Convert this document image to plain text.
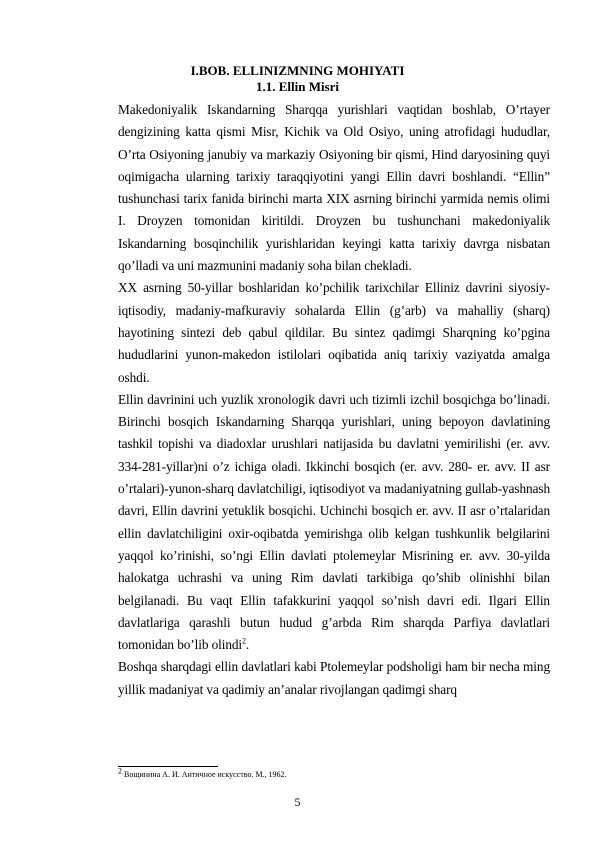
I.BOB. ELLINIZMNING MOHIYATI
1.1. Ellin Misri

Makedoniyalik Iskandarning Sharqqa yurishlari vaqtidan boshlab, O’rtayer dengizining katta qismi Misr, Kichik va Old Osiyo, uning atrofidagi hududlar, O’rta Osiyoning janubiy va markaziy Osiyoning bir qismi, Hind daryosining quyi oqimigacha ularning tarixiy taraqqiyotini yangi Ellin davri boshlandi. “Ellin” tushunchasi tarix fanida birinchi marta XIX asrning birinchi yarmida nemis olimi I. Droyzen tomonidan kiritildi. Droyzen bu tushunchani makedoniyalik Iskandarning bosqinchilik yurishlaridan keyingi katta tarixiy davrga nisbatan qo’lladi va uni mazmunini madaniy soha bilan chekladi.

XX asrning 50-yillar boshlaridan ko’pchilik tarixchilar Elliniz davrini siyosiy-iqtisodiy, madaniy-mafkuraviy sohalarda Ellin (g’arb) va mahalliy (sharq) hayotining sintezi deb qabul qildilar. Bu sintez qadimgi Sharqning ko’pgina hududlarini yunon-makedon istilolari oqibatida aniq tarixiy vaziyatda amalga oshdi.

Ellin davrinini uch yuzlik xronologik davri uch tizimli izchil bosqichga bo’linadi. Birinchi bosqich Iskandarning Sharqqa yurishlari, uning bepoyon davlatining tashkil topishi va diadoxlar urushlari natijasida bu davlatni yemirilishi (er. avv. 334-281-yillar)ni o’z ichiga oladi. Ikkinchi bosqich (er. avv. 280- er. avv. II asr o’rtalari)-yunon-sharq davlatchiligi, iqtisodiyot va madaniyatning gullab-yashnash davri, Ellin davrini yetuklik bosqichi. Uchinchi bosqich er. avv. II asr o’rtalaridan ellin davlatchiligini oxir-oqibatda yemirishga olib kelgan tushkunlik belgilarini yaqqol ko’rinishi, so’ngi Ellin davlati ptolemeylar Misrining er. avv. 30-yilda halokatga uchrashi va uning Rim davlati tarkibiga qo’shib olinishhi bilan belgilanadi. Bu vaqt Ellin tafakkurini yaqqol so’nish davri edi. Ilgari Ellin davlatlariga qarashli butun hudud g’arbda Rim sharqda Parfiya davlatlari tomonidan bo’lib olindi$^2$.

Boshqa sharqdagi ellin davlatlari kabi Ptolemeylar podsholigi ham bir necha ming yillik madaniyat va qadimiy an’analar rivojlangan qadimgi sharq

$^2$ Вощинина А. И. Античное искусство. М., 1962.
5
